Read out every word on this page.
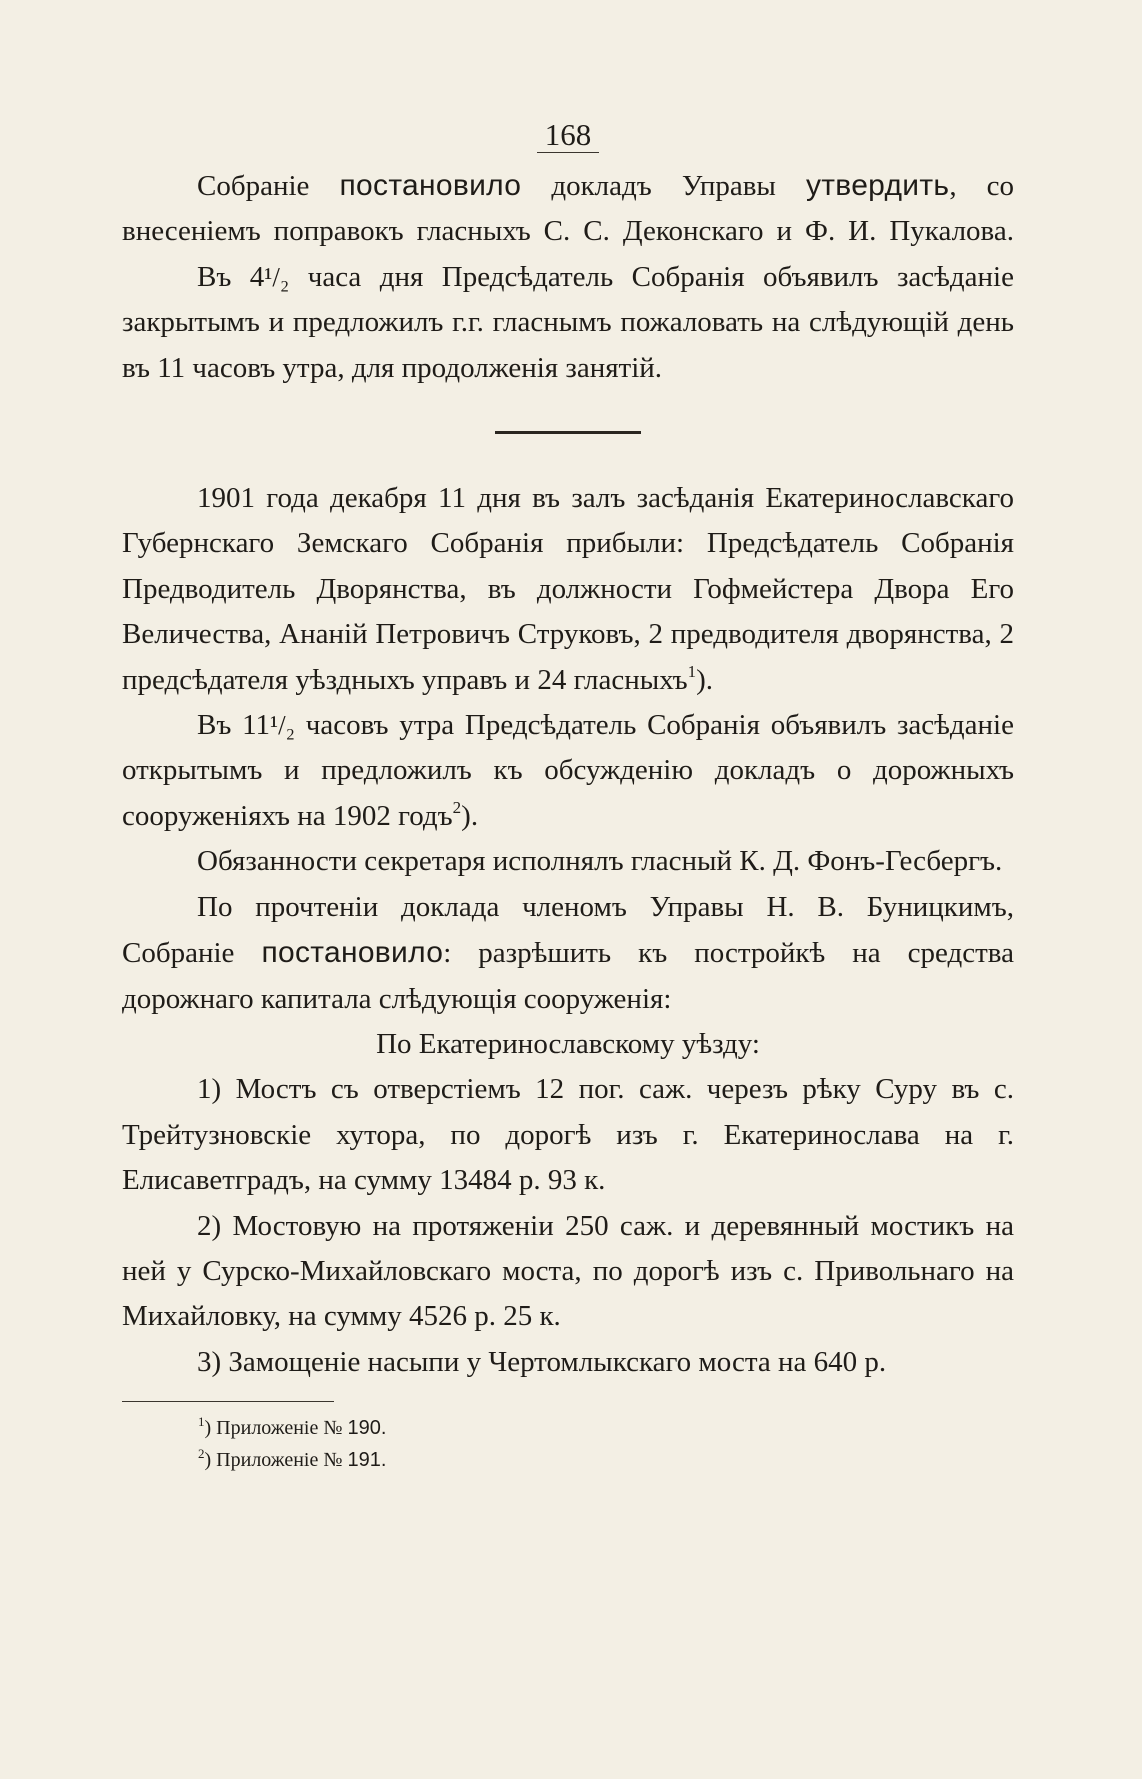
168

Собраніе постановило докладъ Управы утвердить, со внесеніемъ поправокъ гласныхъ С. С. Деконскаго и Ф. И. Пукалова.

Въ 4¹/₂ часа дня Предсѣдатель Собранія объявилъ засѣданіе закрытымъ и предложилъ г.г. гласнымъ пожаловать на слѣдующій день въ 11 часовъ утра, для продолженія занятій.

1901 года декабря 11 дня въ залъ засѣданія Екатеринославскаго Губернскаго Земскаго Собранія прибыли: Предсѣдатель Собранія Предводитель Дворянства, въ должности Гофмейстера Двора Его Величества, Ананій Петровичъ Струковъ, 2 предводителя дворянства, 2 предсѣдателя уѣздныхъ управъ и 24 гласныхъ$^1$).

Въ 11¹/₂ часовъ утра Предсѣдатель Собранія объявилъ засѣданіе открытымъ и предложилъ къ обсужденію докладъ о дорожныхъ сооруженіяхъ на 1902 годъ$^2$).

Обязанности секретаря исполнялъ гласный К. Д. Фонъ-Гесбергъ.

По прочтеніи доклада членомъ Управы Н. В. Буницкимъ, Собраніе постановило: разрѣшить къ постройкѣ на средства дорожнаго капитала слѣдующія сооруженія:

По Екатеринославскому уѣзду:

1) Мостъ съ отверстіемъ 12 пог. саж. черезъ рѣку Суру въ с. Трейтузновскіе хутора, по дорогѣ изъ г. Екатеринослава на г. Елисаветградъ, на сумму 13484 р. 93 к.

2) Мостовую на протяженіи 250 саж. и деревянный мостикъ на ней у Сурско-Михайловскаго моста, по дорогѣ изъ с. Привольнаго на Михайловку, на сумму 4526 р. 25 к.

3) Замощеніе насыпи у Чертомлыкскаго моста на 640 р.

$^1$) Приложеніе № 190.
$^2$) Приложеніе № 191.
